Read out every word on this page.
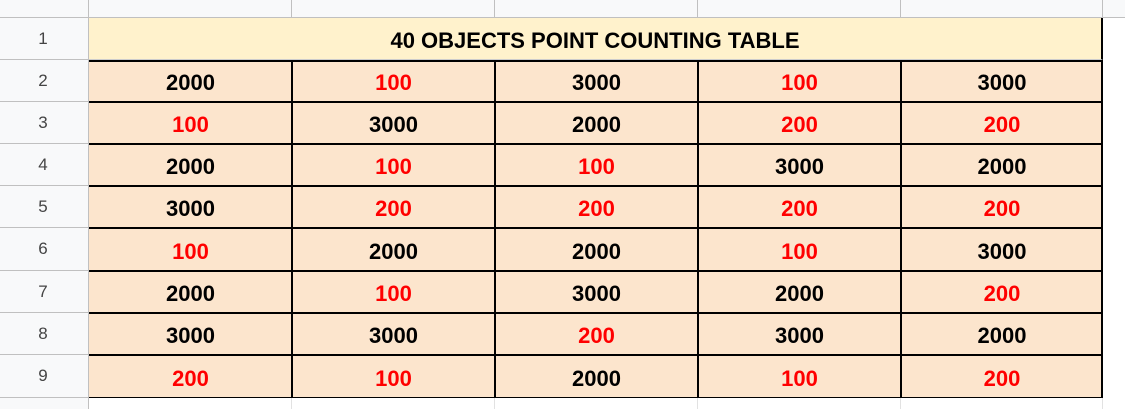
1
2
3
4
5
6
7
8
9
40 OBJECTS POINT COUNTING TABLE
2000	100	3000	100	3000
100	3000	2000	200	200
2000	100	100	3000	2000
3000	200	200	200	200
100	2000	2000	100	3000
2000	100	3000	2000	200
3000	3000	200	3000	2000
200	100	2000	100	200
